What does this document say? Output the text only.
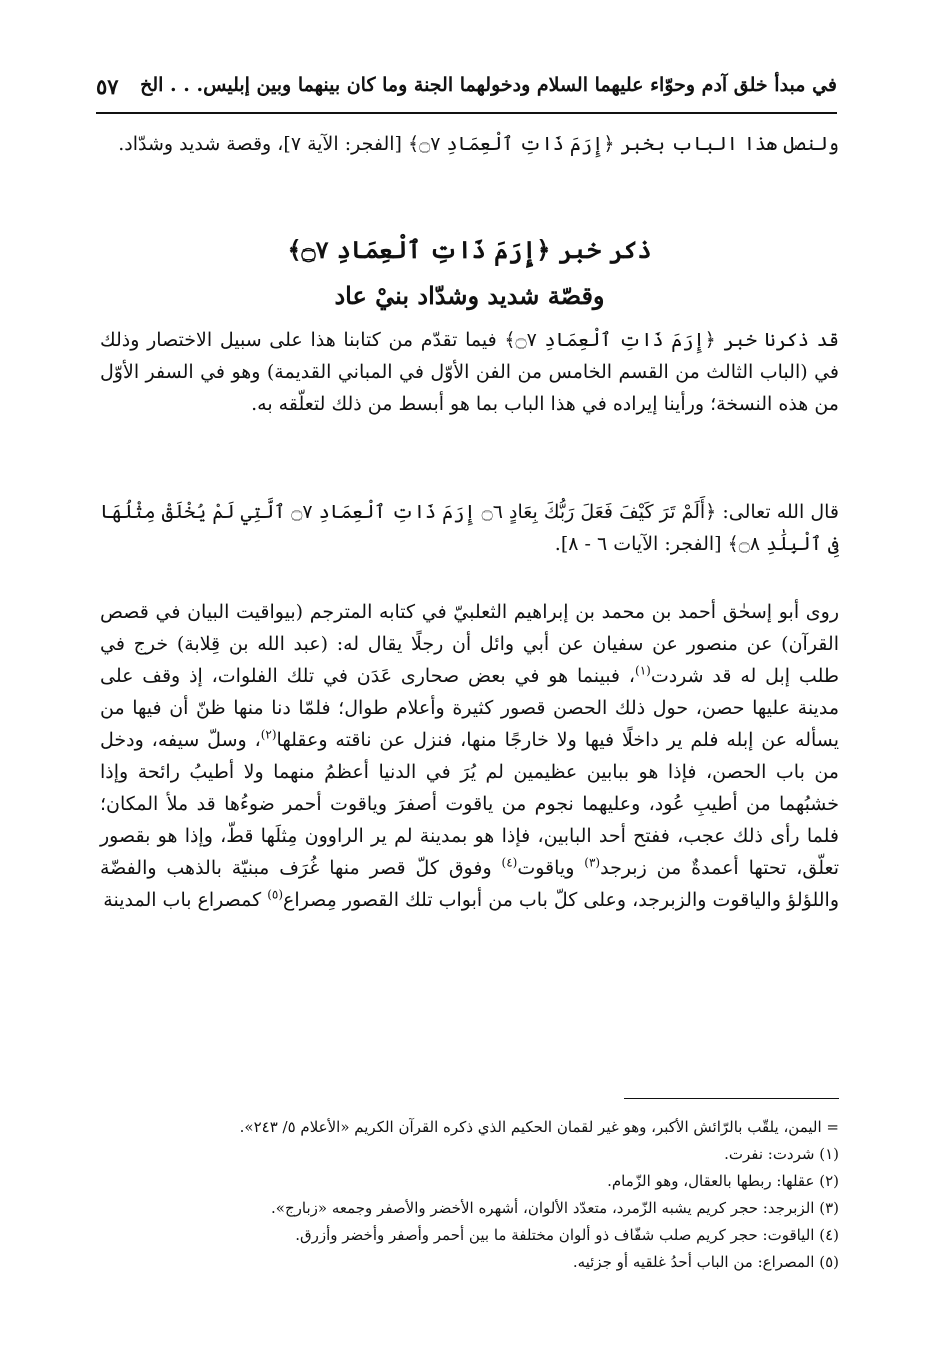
في مبدأ خلق آدم وحوّاء عليهما السلام ودخولهما الجنة وما كان بينهما وبين إبليس. . . الخ
٥٧
ولنصل هذا الباب بخبر ﴿إِرَمَ ذَاتِ ٱلْعِمَادِ ۝٧﴾ [الفجر: الآية ٧]، وقصة شديد وشدّاد.
ذكر خبر ﴿إِرَمَ ذَاتِ ٱلْعِمَادِ ۝٧﴾
وقصّة شديد وشدّاد بنيْ عاد
قد ذكرنا خبر ﴿إِرَمَ ذَاتِ ٱلْعِمَادِ ۝٧﴾ فيما تقدّم من كتابنا هذا على سبيل الاختصار وذلك في (الباب الثالث من القسم الخامس من الفن الأوّل في المباني القديمة) وهو في السفر الأوّل من هذه النسخة؛ ورأينا إيراده في هذا الباب بما هو أبسط من ذلك لتعلّقه به.
قال الله تعالى: ﴿أَلَمْ تَرَ كَيْفَ فَعَلَ رَبُّكَ بِعَادٍ ۝٦ إِرَمَ ذَاتِ ٱلْعِمَادِ ۝٧ ٱلَّتِي لَمْ يُخْلَقْ مِثْلُهَا فِى ٱلْبِلَٰدِ ۝٨﴾ [الفجر: الآيات ٦ - ٨].
روى أبو إسحٰق أحمد بن محمد بن إبراهيم الثعلبيّ في كتابه المترجم (بيواقيت البيان في قصص القرآن) عن منصور عن سفيان عن أبي وائل أن رجلًا يقال له: (عبد الله بن قِلابة) خرج في طلب إبل له قد شردت$^{(١)}$، فبينما هو في بعض صحارى عَدَن في تلك الفلوات، إذ وقف على مدينة عليها حصن، حول ذلك الحصن قصور كثيرة وأعلام طوال؛ فلمّا دنا منها ظنّ أن فيها من يسأله عن إبله فلم ير داخلًا فيها ولا خارجًا منها، فنزل عن ناقته وعقلها$^{(٢)}$، وسلّ سيفه، ودخل من باب الحصن، فإذا هو ببابين عظيمين لم يُرَ في الدنيا أعظمُ منهما ولا أطيبُ رائحة وإذا خشبُهما من أطيبِ عُود، وعليهما نجوم من ياقوت أصفرَ وياقوت أحمر ضوءُها قد ملأ المكان؛ فلما رأى ذلك عجب، ففتح أحد البابين، فإذا هو بمدينة لم ير الراوون مِثلَها قطّ، وإذا هو بقصور تعلّق، تحتها أعمدةٌ من زبرجد$^{(٣)}$ وياقوت$^{(٤)}$ وفوق كلّ قصر منها غُرَف مبنيّة بالذهب والفضّة واللؤلؤ والياقوت والزبرجد، وعلى كلّ باب من أبواب تلك القصور مِصراع$^{(٥)}$ كمصراع باب المدينة
= اليمن، يلقّب بالرّائش الأكبر، وهو غير لقمان الحكيم الذي ذكره القرآن الكريم «الأعلام ٥/ ٢٤٣».
(١) شردت: نفرت.
(٢) عقلها: ربطها بالعقال، وهو الزّمام.
(٣) الزبرجد: حجر كريم يشبه الزّمرد، متعدّد الألوان، أشهره الأخضر والأصفر وجمعه «زبارج».
(٤) الياقوت: حجر كريم صلب شفّاف ذو ألوان مختلفة ما بين أحمر وأصفر وأخضر وأزرق.
(٥) المصراع: من الباب أحدُ غلقيه أو جزئيه.
